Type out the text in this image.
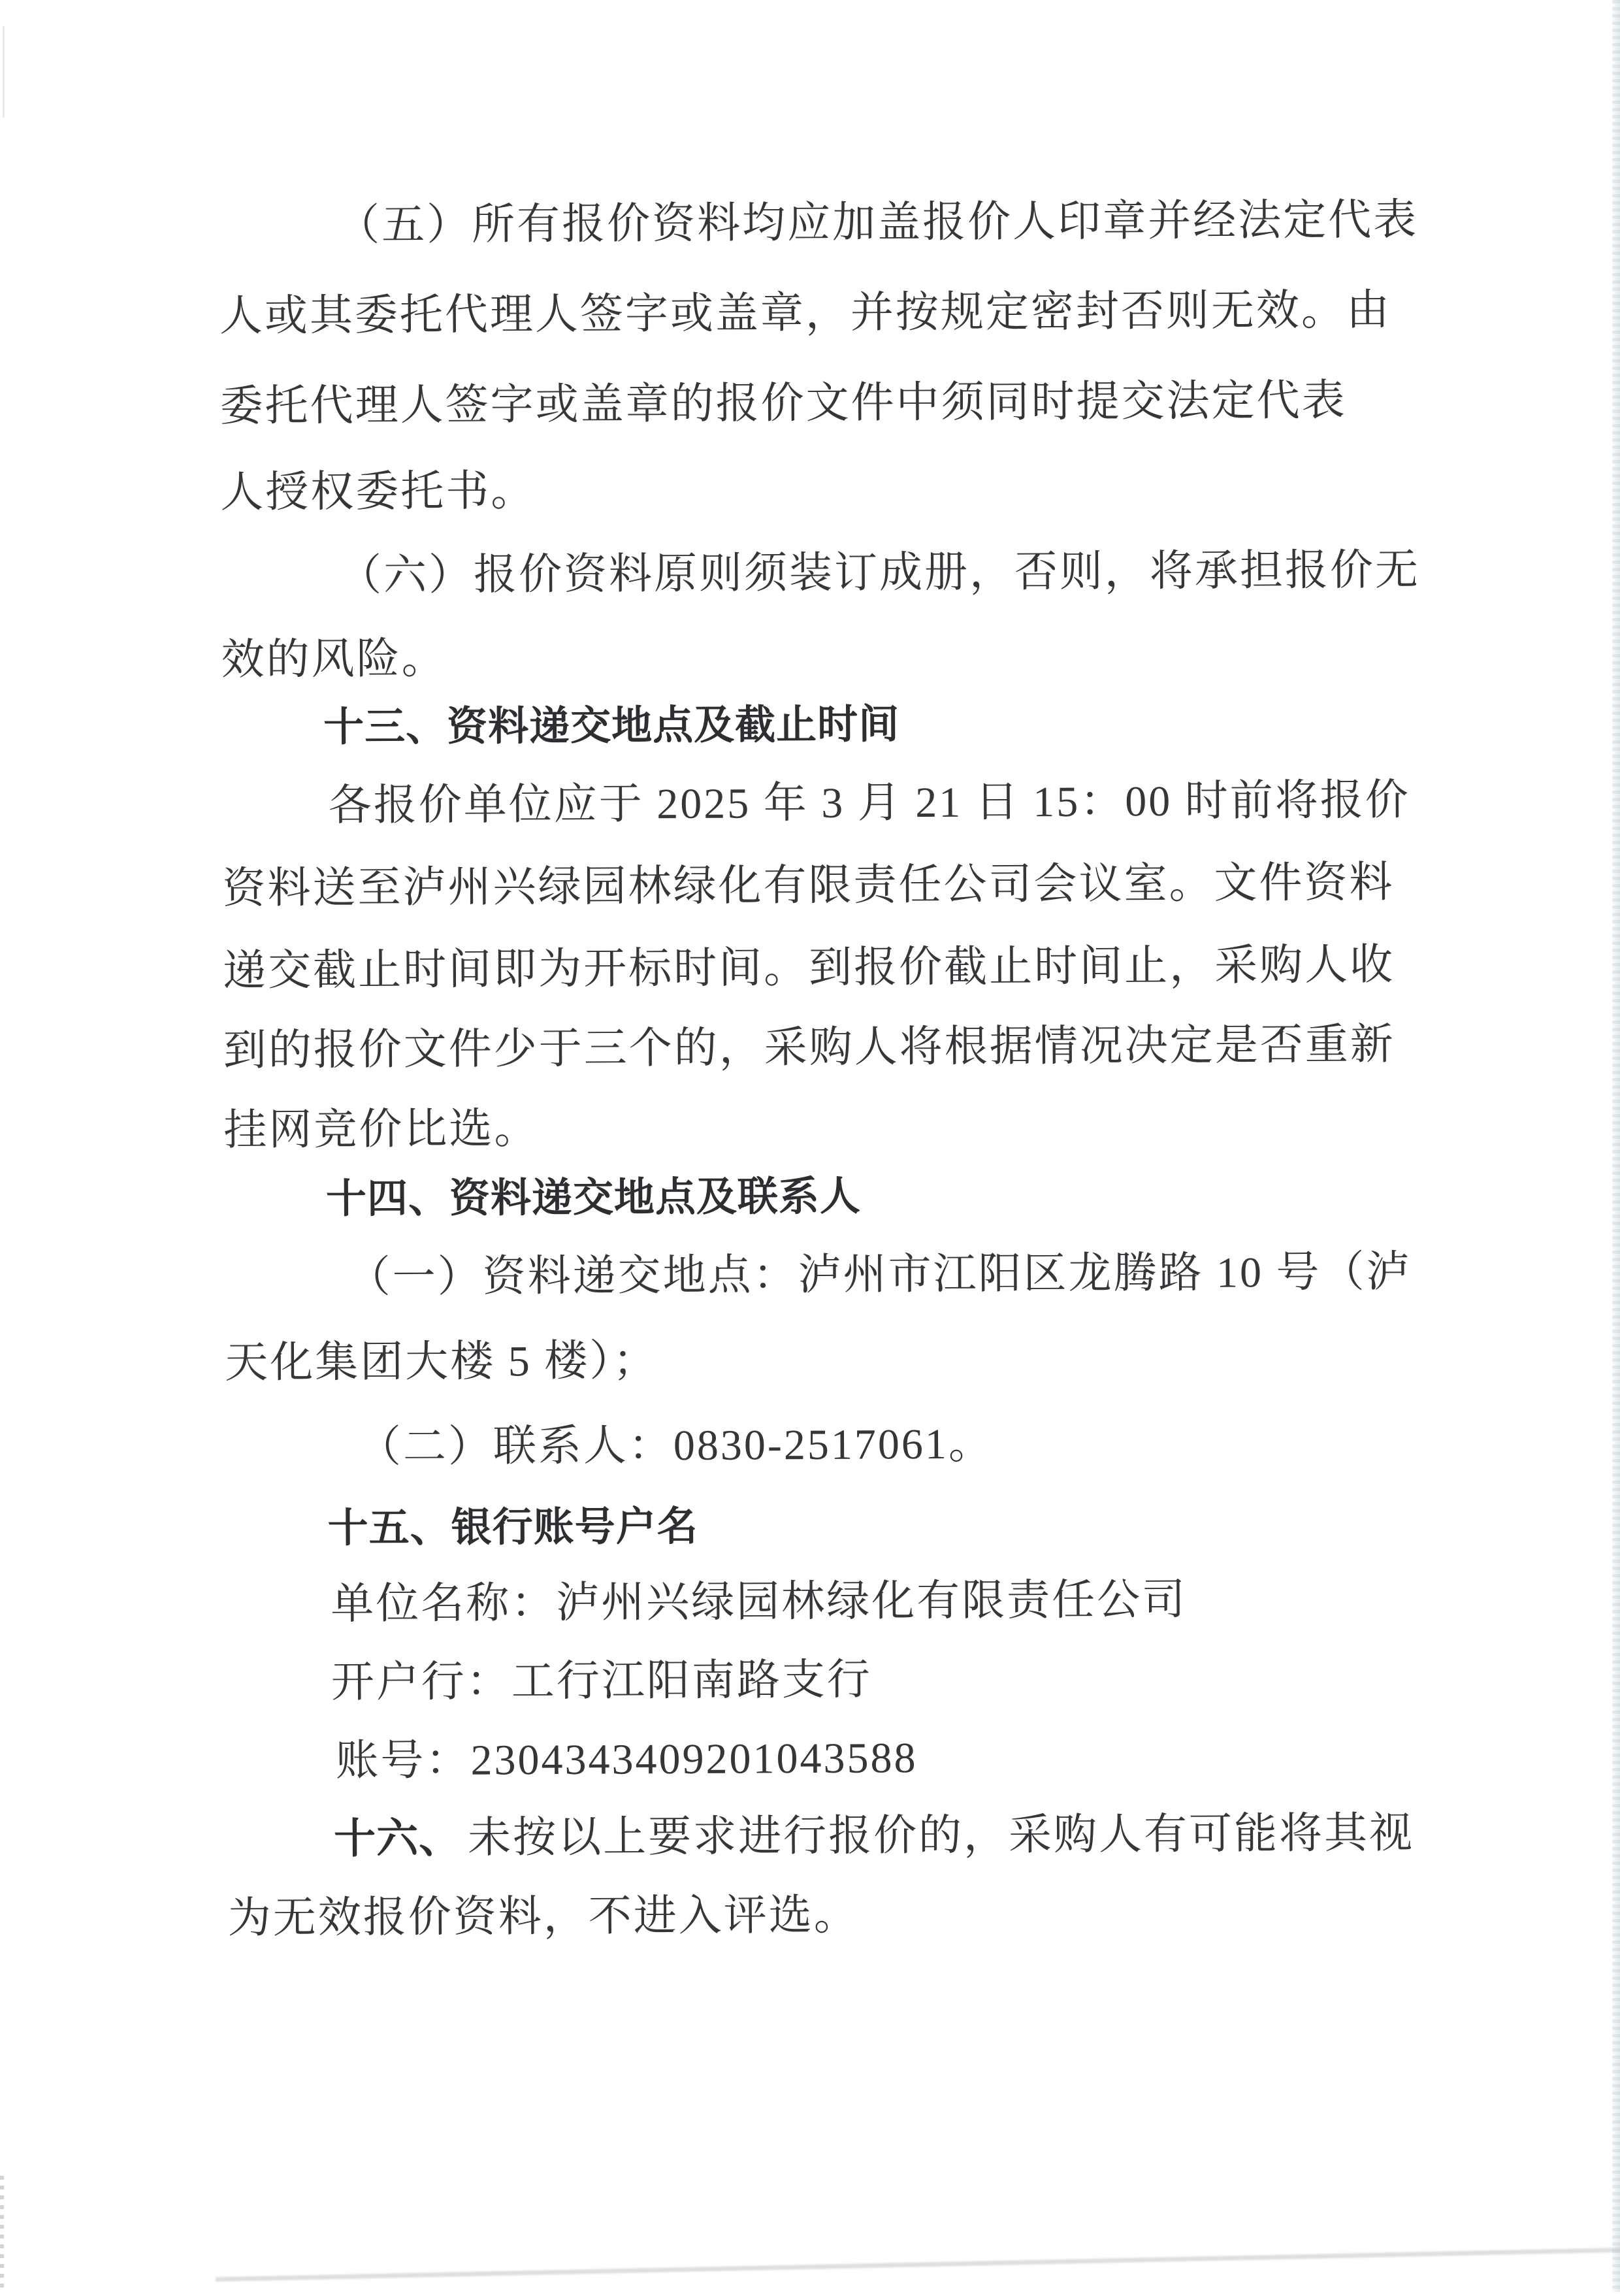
（五）所有报价资料均应加盖报价人印章并经法定代表
人或其委托代理人签字或盖章，并按规定密封否则无效。由
委托代理人签字或盖章的报价文件中须同时提交法定代表
人授权委托书。
（六）报价资料原则须装订成册，否则，将承担报价无
效的风险。
十三、资料递交地点及截止时间
各报价单位应于 2025 年 3 月 21 日 15：00 时前将报价
资料送至泸州兴绿园林绿化有限责任公司会议室。文件资料
递交截止时间即为开标时间。到报价截止时间止，采购人收
到的报价文件少于三个的，采购人将根据情况决定是否重新
挂网竞价比选。
十四、资料递交地点及联系人
（一）资料递交地点：泸州市江阳区龙腾路 10 号（泸
天化集团大楼 5 楼）；
（二）联系人：0830-2517061。
十五、银行账号户名
单位名称：泸州兴绿园林绿化有限责任公司
开户行：工行江阳南路支行
账号：2304343409201043588
十六、 未按以上要求进行报价的，采购人有可能将其视
为无效报价资料，不进入评选。
